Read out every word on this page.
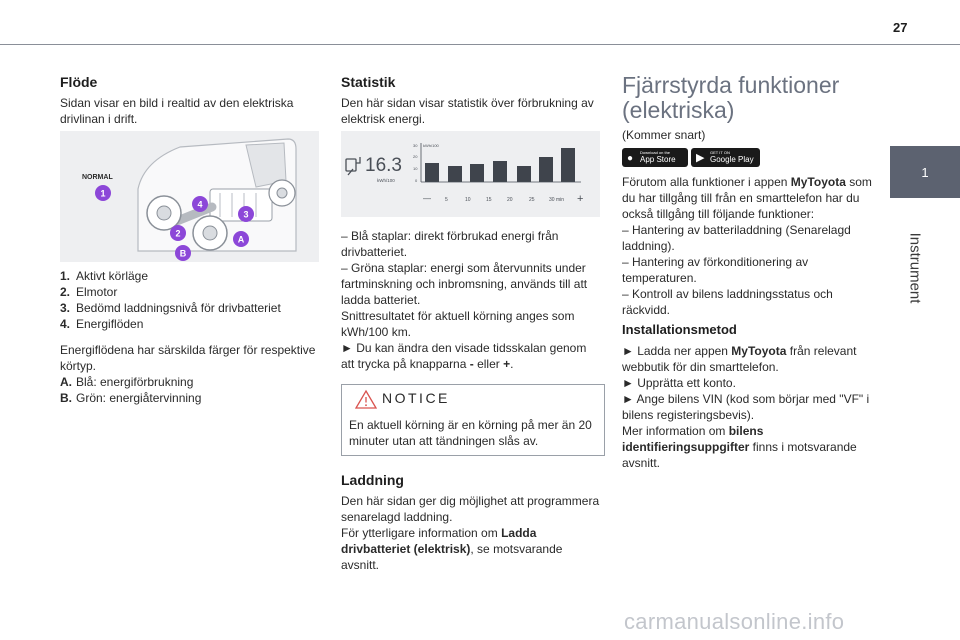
27
1
Instrument
Flöde

Sidan visar en bild i realtid av den elektriska drivlinan i drift.

NORMAL
1
2
3
4
A
B
1. Aktivt körläge
2. Elmotor
3. Bedömd laddningsnivå för drivbatteriet
4. Energiflöden

Energiflödena har särskilda färger för respektive körtyp.

A. Blå: energiförbrukning
B. Grön: energiåtervinning
Statistik

Den här sidan visar statistik över förbrukning av elektrisk energi.

16.3
kWh/100
kWh/100
30
20
10
0
—	5	10	15	20	25	30 min +

– Blå staplar: direkt förbrukad energi från drivbatteriet.

– Gröna staplar: energi som återvunnits under fartminskning och inbromsning, används till att ladda batteriet.

Snittresultatet för aktuell körning anges som kWh/100 km.

► Du kan ändra den visade tidsskalan genom att trycka på knapparna - eller +.

NOTICE

En aktuell körning är en körning på mer än 20 minuter utan att tändningen slås av.

Laddning

Den här sidan ger dig möjlighet att programmera senarelagd laddning.

För ytterligare information om Ladda drivbatteriet (elektrisk), se motsvarande avsnitt.

Fjärrstyrda funktioner
(elektriska)

(Kommer snart)

●
Download on the
App Store ▶ GET IT ON
Google Play

Förutom alla funktioner i appen MyToyota som du har tillgång till från en smarttelefon har du också tillgång till följande funktioner:

– Hantering av batteriladdning (Senarelagd laddning).

– Hantering av förkonditionering av temperaturen.

– Kontroll av bilens laddningsstatus och räckvidd.

Installationsmetod

► Ladda ner appen MyToyota från relevant webbutik för din smarttelefon.

► Upprätta ett konto.

► Ange bilens VIN (kod som börjar med "VF" i bilens registeringsbevis).

Mer information om bilens identifieringsuppgifter finns i motsvarande avsnitt.

carmanualsonline.info
